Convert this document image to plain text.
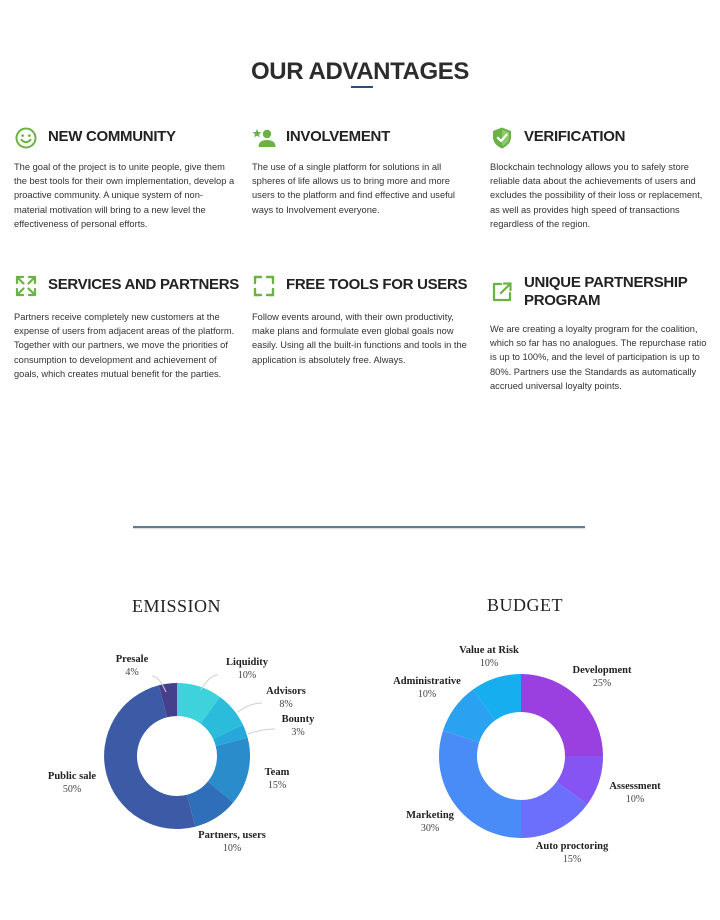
OUR ADVANTAGES
NEW COMMUNITY

The goal of the project is to unite people, give them the best tools for their own implementation, develop a proactive community. A unique system of non-material motivation will bring to a new level the effectiveness of personal efforts.

INVOLVEMENT

The use of a single platform for solutions in all spheres of life allows us to bring more and more users to the platform and find effective and useful ways to Involvement everyone.

VERIFICATION

Blockchain technology allows you to safely store reliable data about the achievements of users and excludes the possibility of their loss or replacement, as well as provides high speed of transactions regardless of the region.

SERVICES AND PARTNERS

Partners receive completely new customers at the expense of users from adjacent areas of the platform. Together with our partners, we move the priorities of consumption to development and achievement of goals, which creates mutual benefit for the parties.

FREE TOOLS FOR USERS

Follow events around, with their own productivity, make plans and formulate even global goals now easily. Using all the built-in functions and tools in the application is absolutely free. Always.

UNIQUE PARTNERSHIP PROGRAM

We are creating a loyalty program for the coalition, which so far has no analogues. The repurchase ratio is up to 100%, and the level of participation is up to 80%. Partners use the Standards as automatically accrued universal loyalty points.

EMISSION	BUDGET
Presale
4%
Liquidity
10%
Advisors
8%
Bounty
3%
Team
15%
Partners, users
10%
Public sale
50%
Value at Risk
10%
Administrative
10%
Development
25%
Assessment
10%
Auto proctoring
15%
Marketing
30%
